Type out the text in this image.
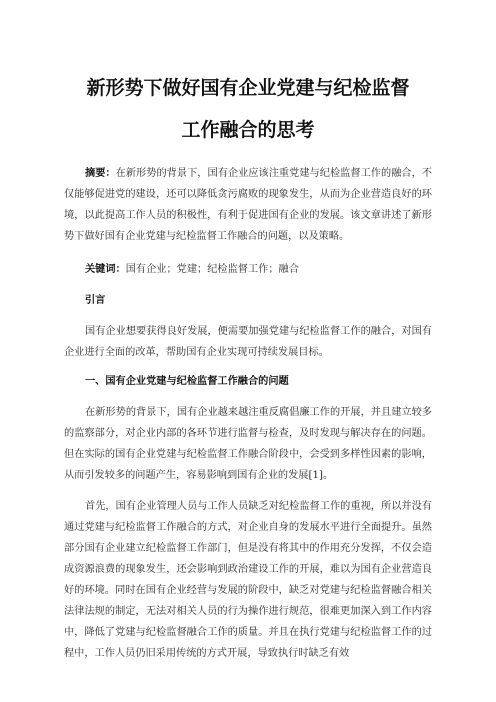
新形势下做好国有企业党建与纪检监督
工作融合的思考

摘要：在新形势的背景下，国有企业应该注重党建与纪检监督工作的融合，不仅能够促进党的建设，还可以降低贪污腐败的现象发生，从而为企业营造良好的环境，以此提高工作人员的积极性，有利于促进国有企业的发展。该文章讲述了新形势下做好国有企业党建与纪检监督工作融合的问题，以及策略。

关键词：国有企业；党建；纪检监督工作；融合

引言

国有企业想要获得良好发展，便需要加强党建与纪检监督工作的融合，对国有企业进行全面的改革，帮助国有企业实现可持续发展目标。

一、国有企业党建与纪检监督工作融合的问题

在新形势的背景下，国有企业越来越注重反腐倡廉工作的开展，并且建立较多的监察部分，对企业内部的各环节进行监督与检查，及时发现与解决存在的问题。但在实际的国有企业党建与纪检监督工作融合阶段中，会受到多样性因素的影响，从而引发较多的问题产生，容易影响到国有企业的发展[1]。

首先，国有企业管理人员与工作人员缺乏对纪检监督工作的重视，所以并没有通过党建与纪检监督工作融合的方式，对企业自身的发展水平进行全面提升。虽然部分国有企业建立纪检监督工作部门，但是没有将其中的作用充分发挥，不仅会造成资源浪费的现象发生，还会影响到政治建设工作的开展，难以为国有企业营造良好的环境。同时在国有企业经营与发展的阶段中，缺乏对党建与纪检监督融合相关法律法规的制定，无法对相关人员的行为操作进行规范，很难更加深入到工作内容中，降低了党建与纪检监督融合工作的质量。并且在执行党建与纪检监督工作的过程中，工作人员仍旧采用传统的方式开展，导致执行时缺乏有效
